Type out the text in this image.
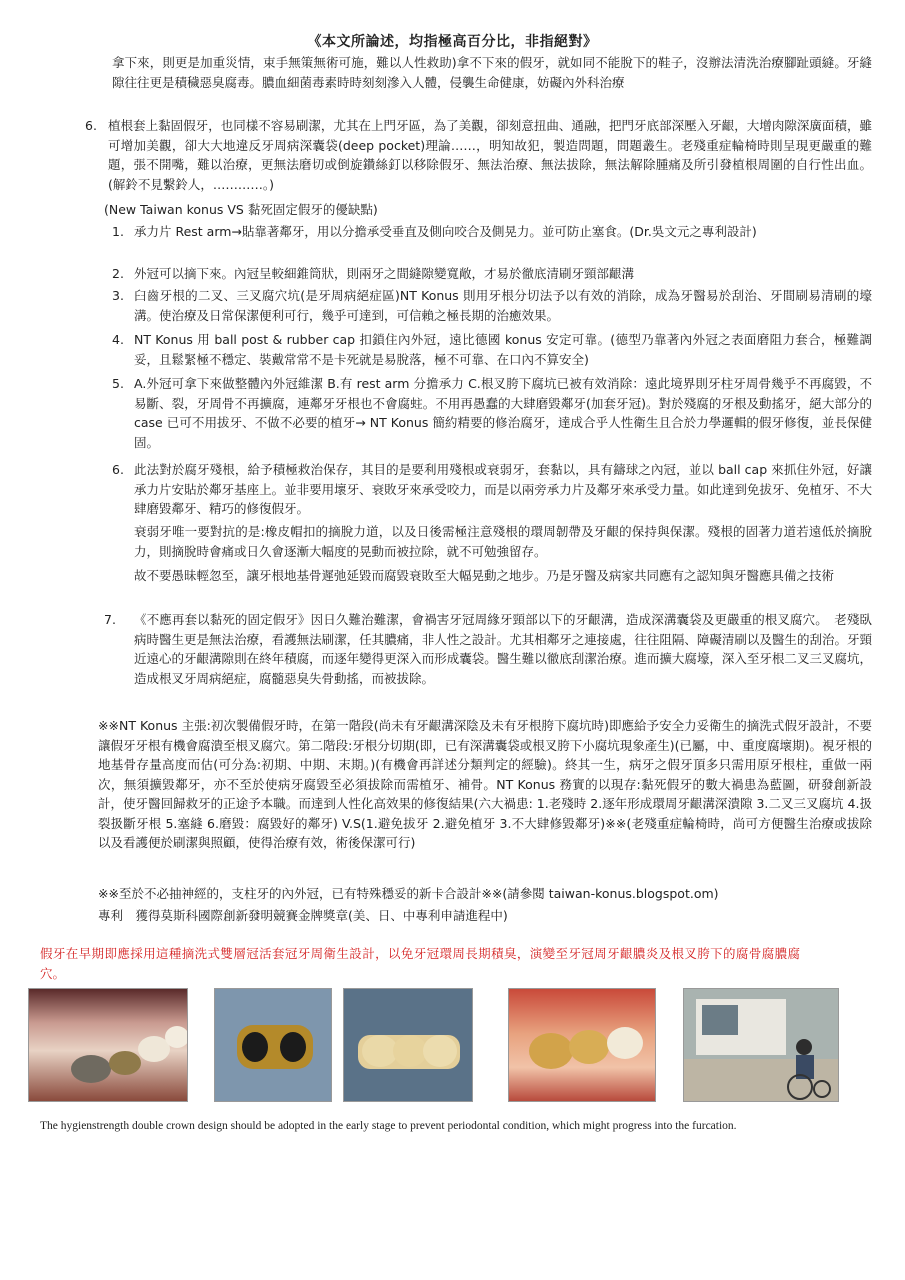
《本文所論述，均指極高百分比，非指絕對》
拿下來，則更是加重災情，束手無策無術可施，難以人性救助)拿不下來的假牙，就如同不能脫下的鞋子，沒辦法清洗治療腳趾頭縫。牙縫隙往往更是積穢惡臭腐毒。膿血細菌毒素時時刻刻滲入人體，侵襲生命健康，妨礙內外科治療
6. 植根套上黏固假牙，也同樣不容易刷潔，尤其在上門牙區，為了美觀，卻刻意扭曲、通融，把門牙底部深壓入牙齦，大增肉隙深廣面積，雖可增加美觀，卻大大地違反牙周病深囊袋(deep pocket)理論……，明知故犯，製造問題，問題叢生。老殘重症輪椅時則呈現更嚴重的難題，張不開嘴，難以治療，更無法磨切或倒旋鑽絲釘以移除假牙、無法治療、無法拔除，無法解除腫痛及所引發植根周圍的自行性出血。(解鈴不見繫鈴人，…………。)
(New Taiwan konus VS 黏死固定假牙的優缺點)
1. 承力片 Rest arm→貼靠著鄰牙，用以分擔承受垂直及側向咬合及側晃力。並可防止塞食。(Dr.吳文元之專利設計)
2. 外冠可以摘下來。內冠呈較細錐筒狀，則兩牙之間縫隙變寬敞，才易於徹底清刷牙頸部齦溝
3. 臼齒牙根的二叉、三叉腐穴坑(是牙周病絕症區)NT Konus 則用牙根分切法予以有效的消除，成為牙醫易於刮治、牙間刷易清刷的壕溝。使治療及日常保潔便利可行，幾乎可達到，可信賴之極長期的治癒效果。
4. NT Konus 用 ball post & rubber cap 扣鎖住內外冠，遠比德國 konus 安定可靠。(德型乃靠著內外冠之表面磨阻力套合，極難調妥，且鬆緊極不穩定、裝戴常常不是卡死就是易脫落，極不可靠、在口內不算安全)
5. A.外冠可拿下來做整體內外冠維潔 B.有 rest arm 分擔承力 C.根叉胯下腐坑已被有效消除：遠此境界則牙柱牙周骨幾乎不再腐毀，不易斷、裂，牙周骨不再擴腐，連鄰牙牙根也不會腐蛀。不用再愚蠢的大肆磨毀鄰牙(加套牙冠)。對於殘腐的牙根及動搖牙，絕大部分的 case 已可不用拔牙、不做不必要的植牙→ NT Konus 簡約精要的修治腐牙，達成合乎人性衛生且合於力學邏輯的假牙修復，並長保健固。
6. 此法對於腐牙殘根，給予積極救治保存，其目的是要利用殘根或衰弱牙，套黏以，具有鑄球之內冠，並以 ball cap 來抓住外冠，好讓承力片安貼於鄰牙基座上。並非要用壞牙、衰敗牙來承受咬力，而是以兩旁承力片及鄰牙來承受力量。如此達到免拔牙、免植牙、不大肆磨毀鄰牙、精巧的修復假牙。
衰弱牙唯一要對抗的是:橡皮帽扣的摘脫力道，以及日後需極注意殘根的環周韌帶及牙齦的保持與保潔。殘根的固著力道若遠低於摘脫力，則摘脫時會痛或日久會逐漸大幅度的晃動而被拉除，就不可勉強留存。
故不要愚昧輕忽至，讓牙根地基骨遲弛延毀而腐毀衰敗至大幅晃動之地步。乃是牙醫及病家共同應有之認知與牙醫應具備之技術
7. 《不應再套以黏死的固定假牙》因日久難治難潔，會禍害牙冠周緣牙頸部以下的牙齦溝，造成深溝囊袋及更嚴重的根叉腐穴。　老殘臥病時醫生更是無法治療，看護無法刷潔，任其膿痛，非人性之設計。尤其相鄰牙之連接處，往往阻隔、障礙清刷以及醫生的刮治。牙頸近遠心的牙齦溝隙則在終年積腐，而逐年變得更深入而形成囊袋。醫生難以徹底刮潔治療。進而擴大腐壕，深入至牙根二叉三叉腐坑，造成根叉牙周病絕症，腐髓惡臭失骨動搖，而被拔除。
※※NT Konus 主張:初次製備假牙時，在第一階段(尚未有牙齦溝深陰及未有牙根胯下腐坑時)即應給予安全力妥衛生的摘洗式假牙設計，不要讓假牙牙根有機會腐潰至根叉腐穴。第二階段:牙根分切期(即，已有深溝囊袋或根叉胯下小腐坑現象產生)(已屬，中、重度腐壞期)。視牙根的地基骨存量高度而估(可分為:初期、中期、末期。)(有機會再詳述分類判定的經驗)。終其一生，病牙之假牙頂多只需用原牙根柱，重做一兩次，無須擴毀鄰牙，亦不至於使病牙腐毀至必須拔除而需植牙、補骨。NT Konus 務實的以現存:黏死假牙的數大禍患為藍圖，研發創新設計，使牙醫回歸救牙的正途予本職。而達到人性化高效果的修復結果(六大禍患: 1.老殘時 2.逐年形成環周牙齦溝深潰隙 3.二叉三叉腐坑 4.扱裂扱斷牙根 5.塞縫 6.磨毀：腐毀好的鄰牙) V.S(1.避免拔牙 2.避免植牙 3.不大肆修毀鄰牙)※※(老殘重症輪椅時，尚可方便醫生治療或拔除以及看護便於刷潔與照顧，使得治療有效，術後保潔可行)
※※至於不必抽神經的，支柱牙的內外冠，已有特殊穩妥的新卡合設計※※(請參閱 taiwan-konus.blogspot.om)
專利　獲得莫斯科國際創新發明競賽金牌獎章(美、日、中專利申請進程中)
假牙在早期即應採用這種摘洗式雙層冠活套冠牙周衛生設計，以免牙冠環周長期積臭，演變至牙冠周牙齦膿炎及根叉胯下的腐骨腐膿腐穴。
The hygienstrength double crown design should be adopted in the early stage to prevent periodontal condition, which might progress into the furcation.
